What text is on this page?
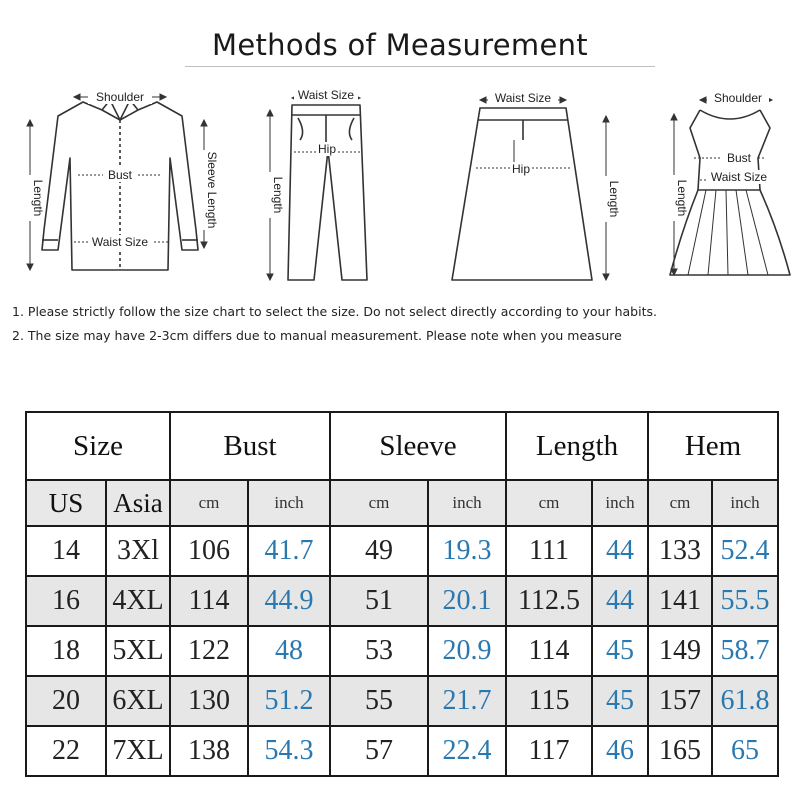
Methods of Measurement
Shoulder
Bust
Waist Size
Length	Sleeve Length
Waist Size
Hip
Length
Waist Size
Hip
Length
Shoulder
Bust
Waist Size
Length
1. Please strictly follow the size chart to select the size. Do not select directly according to your habits.
2. The size may have 2-3cm differs due to manual measurement. Please note when you measure
Size		Bust		Sleeve		Length		Hem	
US	Asia	cm	inch	cm	inch	cm	inch	cm	inch
14	3Xl	106	41.7	49	19.3	111	44	133	52.4
16	4XL	114	44.9	51	20.1	112.5	44	141	55.5
18	5XL	122	48	53	20.9	114	45	149	58.7
20	6XL	130	51.2	55	21.7	115	45	157	61.8
22	7XL	138	54.3	57	22.4	117	46	165	65
